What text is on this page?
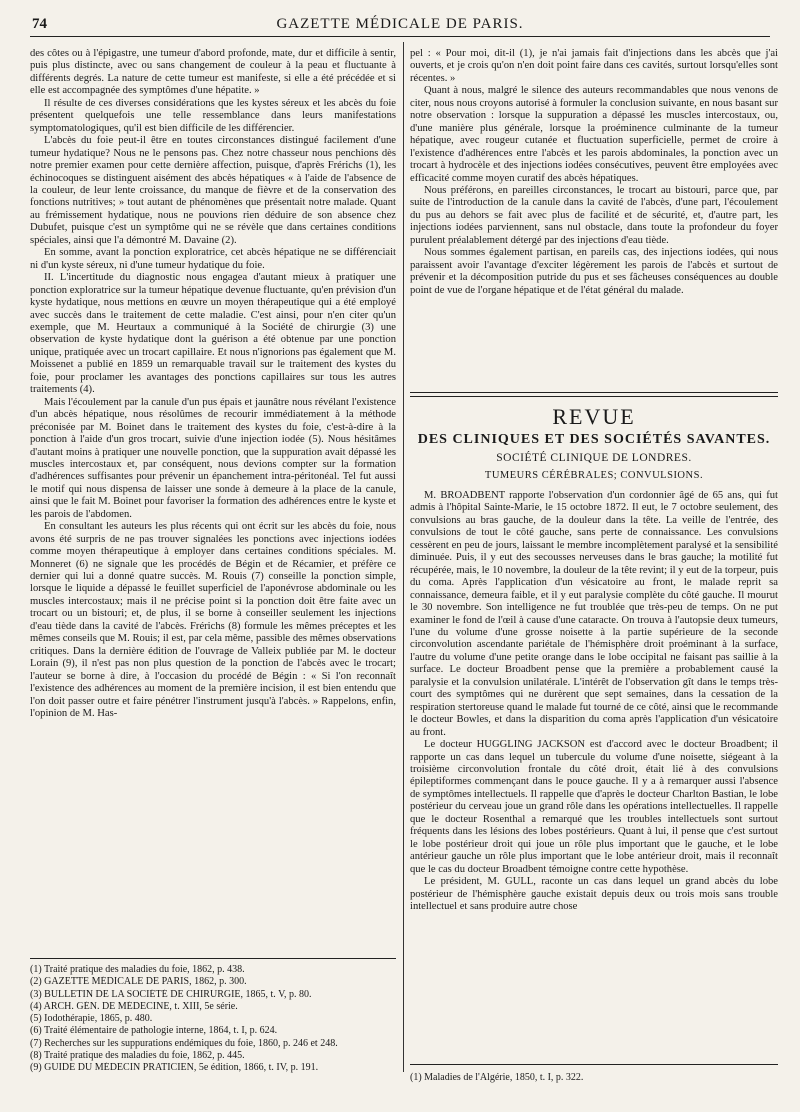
74	GAZETTE MÉDICALE DE PARIS.

des côtes ou à l'épigastre, une tumeur d'abord profonde, mate, dur et difficile à sentir, puis plus distincte, avec ou sans changement de couleur à la peau et fluctuante à différents degrés. La nature de cette tumeur est manifeste, si elle a été précédée et si elle est accompagnée des symptômes d'une hépatite. »

Il résulte de ces diverses considérations que les kystes séreux et les abcès du foie présentent quelquefois une telle ressemblance dans leurs manifestations symptomatologiques, qu'il est bien difficile de les différencier.

L'abcès du foie peut-il être en toutes circonstances distingué facilement d'une tumeur hydatique? Nous ne le pensons pas. Chez notre chasseur nous penchions dès notre premier examen pour cette dernière affection, puisque, d'après Frérichs (1), les échinocoques se distinguent aisément des abcès hépatiques « à l'aide de l'absence de la couleur, de leur lente croissance, du manque de fièvre et de la conservation des fonctions nutritives; » tout autant de phénomènes que présentait notre malade. Quant au frémissement hydatique, nous ne pouvions rien déduire de son absence chez Dubufet, puisque c'est un symptôme qui ne se révèle que dans certaines conditions spéciales, ainsi que l'a démontré M. Davaine (2).

En somme, avant la ponction exploratrice, cet abcès hépatique ne se différenciait ni d'un kyste séreux, ni d'une tumeur hydatique du foie.

II. L'incertitude du diagnostic nous engagea d'autant mieux à pratiquer une ponction exploratrice sur la tumeur hépatique devenue fluctuante, qu'en prévision d'un kyste hydatique, nous mettions en œuvre un moyen thérapeutique qui a été employé avec succès dans le traitement de cette maladie. C'est ainsi, pour n'en citer qu'un exemple, que M. Heurtaux a communiqué à la Société de chirurgie (3) une observation de kyste hydatique dont la guérison a été obtenue par une ponction unique, pratiquée avec un trocart capillaire. Et nous n'ignorions pas également que M. Moissenet a publié en 1859 un remarquable travail sur le traitement des kystes du foie, pour proclamer les avantages des ponctions capillaires sur tous les autres traitements (4).

Mais l'écoulement par la canule d'un pus épais et jaunâtre nous révélant l'existence d'un abcès hépatique, nous résolûmes de recourir immédiatement à la méthode préconisée par M. Boinet dans le traitement des kystes du foie, c'est-à-dire à la ponction à l'aide d'un gros trocart, suivie d'une injection iodée (5). Nous hésitâmes d'autant moins à pratiquer une nouvelle ponction, que la suppuration avait dépassé les muscles intercostaux et, par conséquent, nous devions compter sur la formation d'adhérences suffisantes pour prévenir un épanchement intra-péritonéal. Tel fut aussi le motif qui nous dispensa de laisser une sonde à demeure à la place de la canule, ainsi que le fait M. Boinet pour favoriser la formation des adhérences entre le kyste et les parois de l'abdomen.

En consultant les auteurs les plus récents qui ont écrit sur les abcès du foie, nous avons été surpris de ne pas trouver signalées les ponctions avec injections iodées comme moyen thérapeutique à employer dans certaines conditions spéciales. M. Monneret (6) ne signale que les procédés de Bégin et de Récamier, et préfère ce dernier qui lui a donné quatre succès. M. Rouis (7) conseille la ponction simple, lorsque le liquide a dépassé le feuillet superficiel de l'aponévrose abdominale ou les muscles intercostaux; mais il ne précise point si la ponction doit être faite avec un trocart ou un bistouri; et, de plus, il se borne à conseiller seulement les injections d'eau tiède dans la cavité de l'abcès. Frérichs (8) formule les mêmes préceptes et les mêmes conseils que M. Rouis; il est, par cela même, passible des mêmes observations critiques. Dans la dernière édition de l'ouvrage de Valleix publiée par M. le docteur Lorain (9), il n'est pas non plus question de la ponction de l'abcès avec le trocart; l'auteur se borne à dire, à l'occasion du procédé de Bégin : « Si l'on reconnaît l'existence des adhérences au moment de la première incision, il est bien entendu que l'on doit passer outre et faire pénétrer l'instrument jusqu'à l'abcès. » Rappelons, enfin, l'opinion de M. Has-

(1) Traité pratique des maladies du foie, 1862, p. 438.
(2) GAZETTE MÉDICALE DE PARIS, 1862, p. 300.
(3) BULLETIN DE LA SOCIÉTÉ DE CHIRURGIE, 1865, t. V, p. 80.
(4) ARCH. GÉN. DE MÉDECINE, t. XIII, 5e série.
(5) Iodothérapie, 1865, p. 480.
(6) Traité élémentaire de pathologie interne, 1864, t. I, p. 624.
(7) Recherches sur les suppurations endémiques du foie, 1860, p. 246 et 248.
(8) Traité pratique des maladies du foie, 1862, p. 445.
(9) GUIDE DU MÉDECIN PRATICIEN, 5e édition, 1866, t. IV, p. 191.

pel : « Pour moi, dit-il (1), je n'ai jamais fait d'injections dans les abcès que j'ai ouverts, et je crois qu'on n'en doit point faire dans ces cavités, surtout lorsqu'elles sont récentes. »

Quant à nous, malgré le silence des auteurs recommandables que nous venons de citer, nous nous croyons autorisé à formuler la conclusion suivante, en nous basant sur notre observation : lorsque la suppuration a dépassé les muscles intercostaux, ou, d'une manière plus générale, lorsque la proéminence culminante de la tumeur hépatique, avec rougeur cutanée et fluctuation superficielle, permet de croire à l'existence d'adhérences entre l'abcès et les parois abdominales, la ponction avec un trocart à hydrocèle et des injections iodées consécutives, peuvent être employées avec efficacité comme moyen curatif des abcès hépatiques.

Nous préférons, en pareilles circonstances, le trocart au bistouri, parce que, par suite de l'introduction de la canule dans la cavité de l'abcès, d'une part, l'écoulement du pus au dehors se fait avec plus de facilité et de sécurité, et, d'autre part, les injections iodées parviennent, sans nul obstacle, dans toute la profondeur du foyer purulent préalablement détergé par des injections d'eau tiède.

Nous sommes également partisan, en pareils cas, des injections iodées, qui nous paraissent avoir l'avantage d'exciter légèrement les parois de l'abcès et surtout de prévenir et la décomposition putride du pus et ses fâcheuses conséquences au double point de vue de l'organe hépatique et de l'état général du malade.

REVUE
DES CLINIQUES ET DES SOCIÉTÉS SAVANTES.
SOCIÉTÉ CLINIQUE DE LONDRES.
TUMEURS CÉRÉBRALES; CONVULSIONS.

M. BROADBENT rapporte l'observation d'un cordonnier âgé de 65 ans, qui fut admis à l'hôpital Sainte-Marie, le 15 octobre 1872. Il eut, le 7 octobre seulement, des convulsions au bras gauche, de la douleur dans la tête. La veille de l'entrée, des convulsions de tout le côté gauche, sans perte de connaissance. Les convulsions cessèrent en peu de jours, laissant le membre incomplètement paralysé et la sensibilité diminuée. Puis, il y eut des secousses nerveuses dans le bras gauche; la motilité fut récupérée, mais, le 10 novembre, la douleur de la tête revint; il y eut de la torpeur, puis du coma. Après l'application d'un vésicatoire au front, le malade reprit sa connaissance, demeura faible, et il y eut paralysie complète du côté gauche. Il mourut le 30 novembre. Son intelligence ne fut troublée que très-peu de temps. On ne put examiner le fond de l'œil à cause d'une cataracte. On trouva à l'autopsie deux tumeurs, l'une du volume d'une grosse noisette à la partie supérieure de la seconde circonvolution ascendante pariétale de l'hémisphère droit proéminant à la surface, l'autre du volume d'une petite orange dans le lobe occipital ne faisant pas saillie à la surface. Le docteur Broadbent pense que la première a probablement causé la paralysie et la convulsion unilatérale. L'intérêt de l'observation gît dans le temps très-court des symptômes qui ne durèrent que sept semaines, dans la cessation de la respiration stertoreuse quand le malade fut tourné de ce côté, ainsi que le recommande le docteur Bowles, et dans la disparition du coma après l'application d'un vésicatoire au front.

Le docteur HUGGLING JACKSON est d'accord avec le docteur Broadbent; il rapporte un cas dans lequel un tubercule du volume d'une noisette, siégeant à la troisième circonvolution frontale du côté droit, était lié à des convulsions épileptiformes commençant dans le pouce gauche. Il y a à remarquer aussi l'absence de symptômes intellectuels. Il rappelle que d'après le docteur Charlton Bastian, le lobe postérieur du cerveau joue un grand rôle dans les opérations intellectuelles. Il rappelle que le docteur Rosenthal a remarqué que les troubles intellectuels sont surtout fréquents dans les lésions des lobes postérieurs. Quant à lui, il pense que c'est surtout le lobe postérieur droit qui joue un rôle plus important que le gauche, et le lobe antérieur gauche un rôle plus important que le lobe antérieur droit, mais il reconnaît que le cas du docteur Broadbent témoigne contre cette hypothèse.

Le président, M. GULL, raconte un cas dans lequel un grand abcès du lobe postérieur de l'hémisphère gauche existait depuis deux ou trois mois sans trouble intellectuel et sans produire autre chose

(1) Maladies de l'Algérie, 1850, t. I, p. 322.
